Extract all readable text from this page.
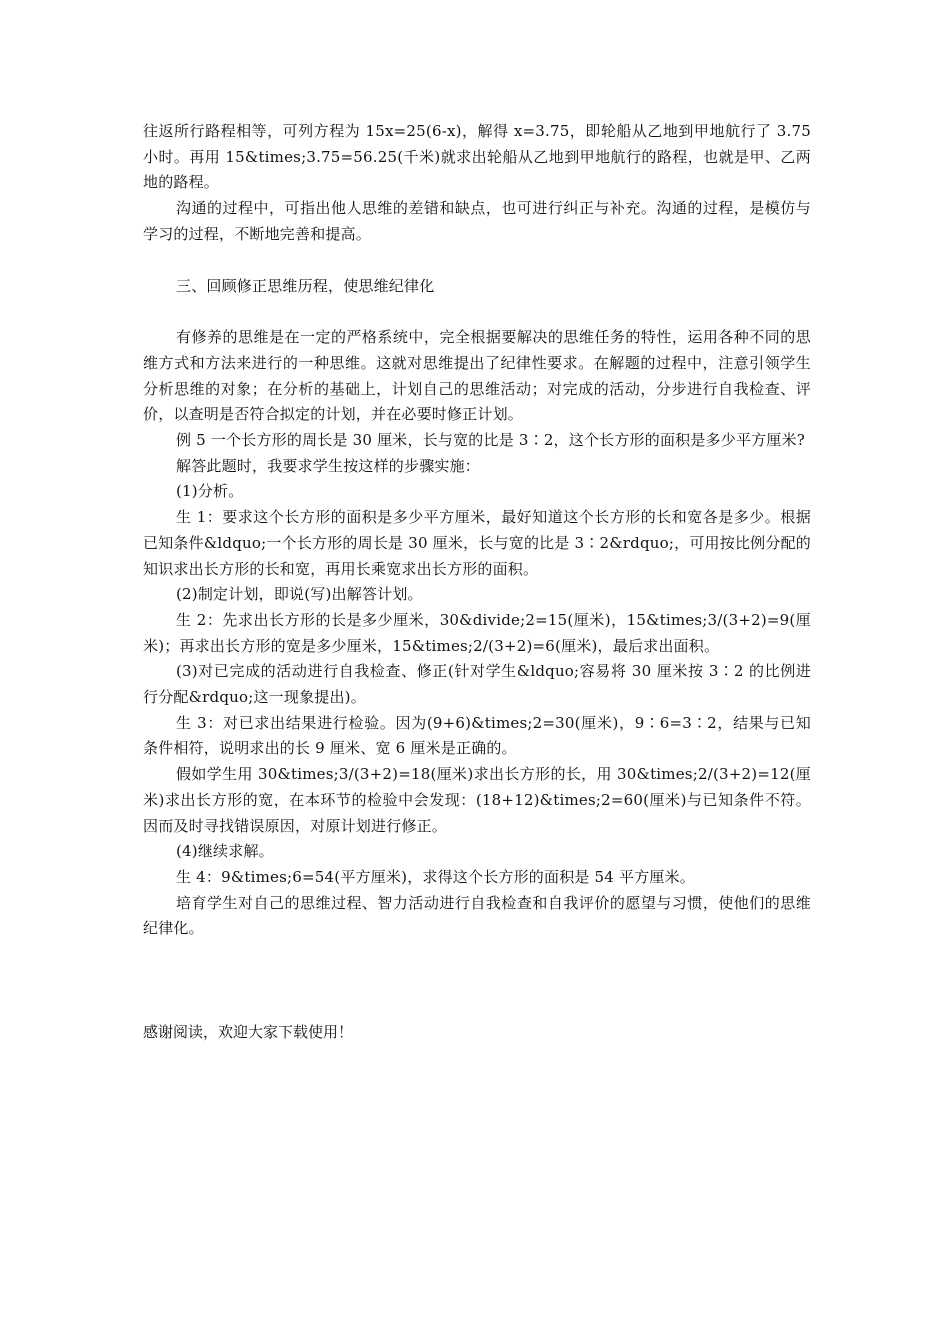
往返所行路程相等，可列方程为 15x=25(6-x)，解得 x=3.75，即轮船从乙地到甲地航行了 3.75 小时。再用 15&times;3.75=56.25(千米)就求出轮船从乙地到甲地航行的路程，也就是甲、乙两地的路程。

沟通的过程中，可指出他人思维的差错和缺点，也可进行纠正与补充。沟通的过程，是模仿与学习的过程，不断地完善和提高。

三、回顾修正思维历程，使思维纪律化

有修养的思维是在一定的严格系统中，完全根据要解决的思维任务的特性，运用各种不同的思维方式和方法来进行的一种思维。这就对思维提出了纪律性要求。在解题的过程中，注意引领学生分析思维的对象；在分析的基础上，计划自己的思维活动；对完成的活动，分步进行自我检查、评价，以查明是否符合拟定的计划，并在必要时修正计划。

例 5 一个长方形的周长是 30 厘米，长与宽的比是 3∶2，这个长方形的面积是多少平方厘米?

解答此题时，我要求学生按这样的步骤实施：

(1)分析。

生 1：要求这个长方形的面积是多少平方厘米，最好知道这个长方形的长和宽各是多少。根据已知条件&ldquo;一个长方形的周长是 30 厘米，长与宽的比是 3∶2&rdquo;，可用按比例分配的知识求出长方形的长和宽，再用长乘宽求出长方形的面积。

(2)制定计划，即说(写)出解答计划。

生 2：先求出长方形的长是多少厘米，30&divide;2=15(厘米)，15&times;3/(3+2)=9(厘米)；再求出长方形的宽是多少厘米，15&times;2/(3+2)=6(厘米)，最后求出面积。

(3)对已完成的活动进行自我检查、修正(针对学生&ldquo;容易将 30 厘米按 3∶2 的比例进行分配&rdquo;这一现象提出)。

生 3：对已求出结果进行检验。因为(9+6)&times;2=30(厘米)，9∶6=3∶2，结果与已知条件相符，说明求出的长 9 厘米、宽 6 厘米是正确的。

假如学生用 30&times;3/(3+2)=18(厘米)求出长方形的长，用 30&times;2/(3+2)=12(厘米)求出长方形的宽，在本环节的检验中会发现：(18+12)&times;2=60(厘米)与已知条件不符。因而及时寻找错误原因，对原计划进行修正。

(4)继续求解。

生 4：9&times;6=54(平方厘米)，求得这个长方形的面积是 54 平方厘米。

培育学生对自己的思维过程、智力活动进行自我检查和自我评价的愿望与习惯，使他们的思维纪律化。

感谢阅读，欢迎大家下载使用！
